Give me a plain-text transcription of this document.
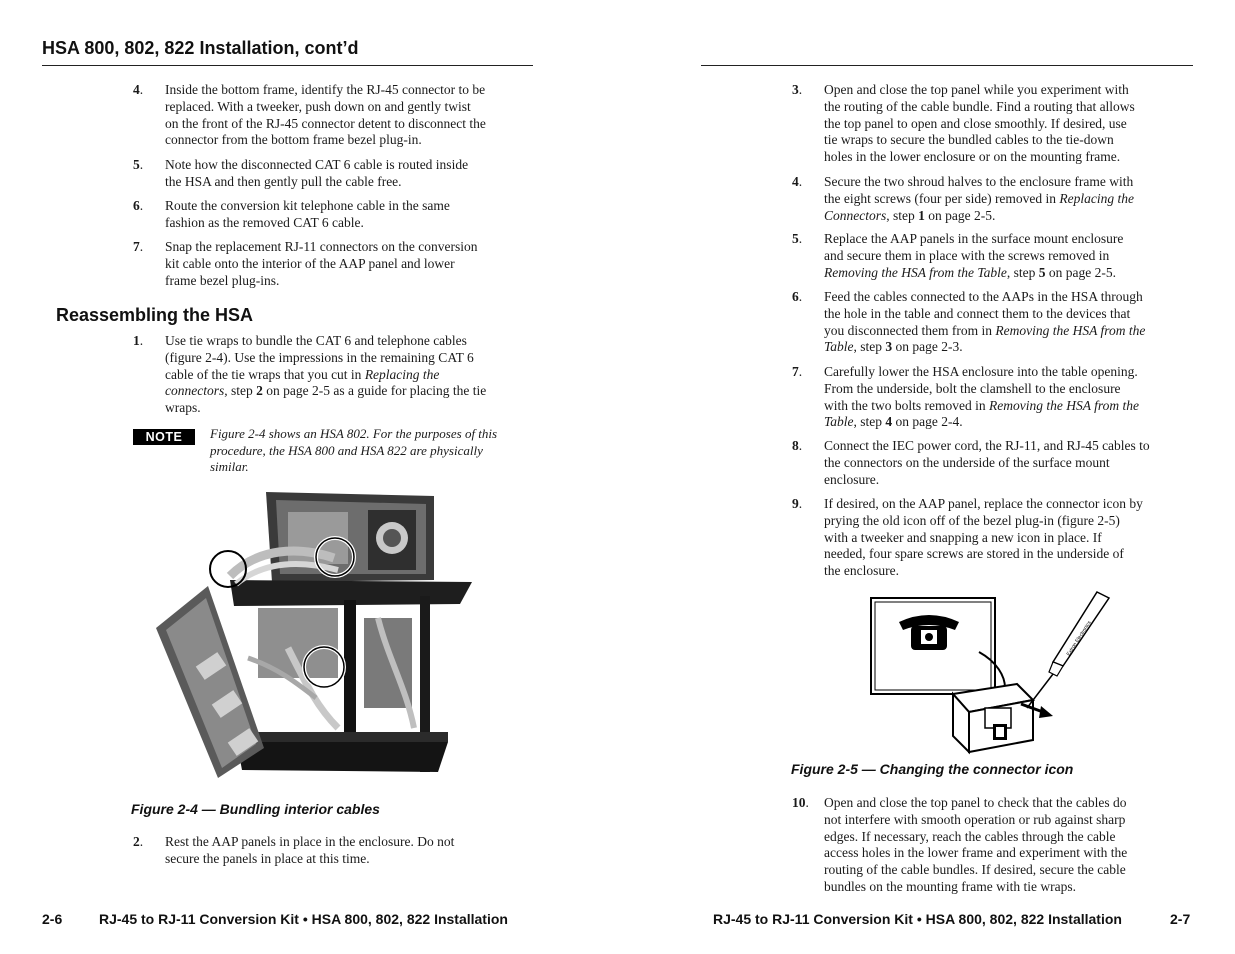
HSA 800, 802, 822 Installation, cont’d
4. Inside the bottom frame, identify the RJ-45 connector to be
replaced. With a tweeker, push down on and gently twist
on the front of the RJ-45 connector detent to disconnect the
connector from the bottom frame bezel plug-in.
5. Note how the disconnected CAT 6 cable is routed inside
the HSA and then gently pull the cable free.
6. Route the conversion kit telephone cable in the same
fashion as the removed CAT 6 cable.
7. Snap the replacement RJ-11 connectors on the conversion
kit cable onto the interior of the AAP panel and lower
frame bezel plug-ins.
Reassembling the HSA
1. Use tie wraps to bundle the CAT 6 and telephone cables
(figure 2-4). Use the impressions in the remaining CAT 6
cable of the tie wraps that you cut in Replacing the
connectors, step 2 on page 2-5 as a guide for placing the tie
wraps.
NOTE	Figure 2-4 shows an HSA 802. For the purposes of this
procedure, the HSA 800 and HSA 822 are physically
similar.
Figure 2-4 — Bundling interior cables
2. Rest the AAP panels in place in the enclosure. Do not
secure the panels in place at this time.
2-6	RJ-45 to RJ-11 Conversion Kit • HSA 800, 802, 822 Installation
3. Open and close the top panel while you experiment with
the routing of the cable bundle. Find a routing that allows
the top panel to open and close smoothly. If desired, use
tie wraps to secure the bundled cables to the tie-down
holes in the lower enclosure or on the mounting frame.
4. Secure the two shroud halves to the enclosure frame with
the eight screws (four per side) removed in Replacing the
Connectors, step 1 on page 2-5.
5. Replace the AAP panels in the surface mount enclosure
and secure them in place with the screws removed in
Removing the HSA from the Table, step 5 on page 2-5.
6. Feed the cables connected to the AAPs in the HSA through
the hole in the table and connect them to the devices that
you disconnected them from in Removing the HSA from the
Table, step 3 on page 2-3.
7. Carefully lower the HSA enclosure into the table opening.
From the underside, bolt the clamshell to the enclosure
with the two bolts removed in Removing the HSA from the
Table, step 4 on page 2-4.
8. Connect the IEC power cord, the RJ-11, and RJ-45 cables to
the connectors on the underside of the surface mount
enclosure.
9. If desired, on the AAP panel, replace the connector icon by
prying the old icon off of the bezel plug-in (figure 2-5)
with a tweeker and snapping a new icon in place. If
needed, four spare screws are stored in the underside of
the enclosure.
Extron Electronics
Figure 2-5 — Changing the connector icon
10. Open and close the top panel to check that the cables do
not interfere with smooth operation or rub against sharp
edges. If necessary, reach the cables through the cable
access holes in the lower frame and experiment with the
routing of the cable bundles. If desired, secure the cable
bundles on the mounting frame with tie wraps.
RJ-45 to RJ-11 Conversion Kit • HSA 800, 802, 822 Installation	2-7
